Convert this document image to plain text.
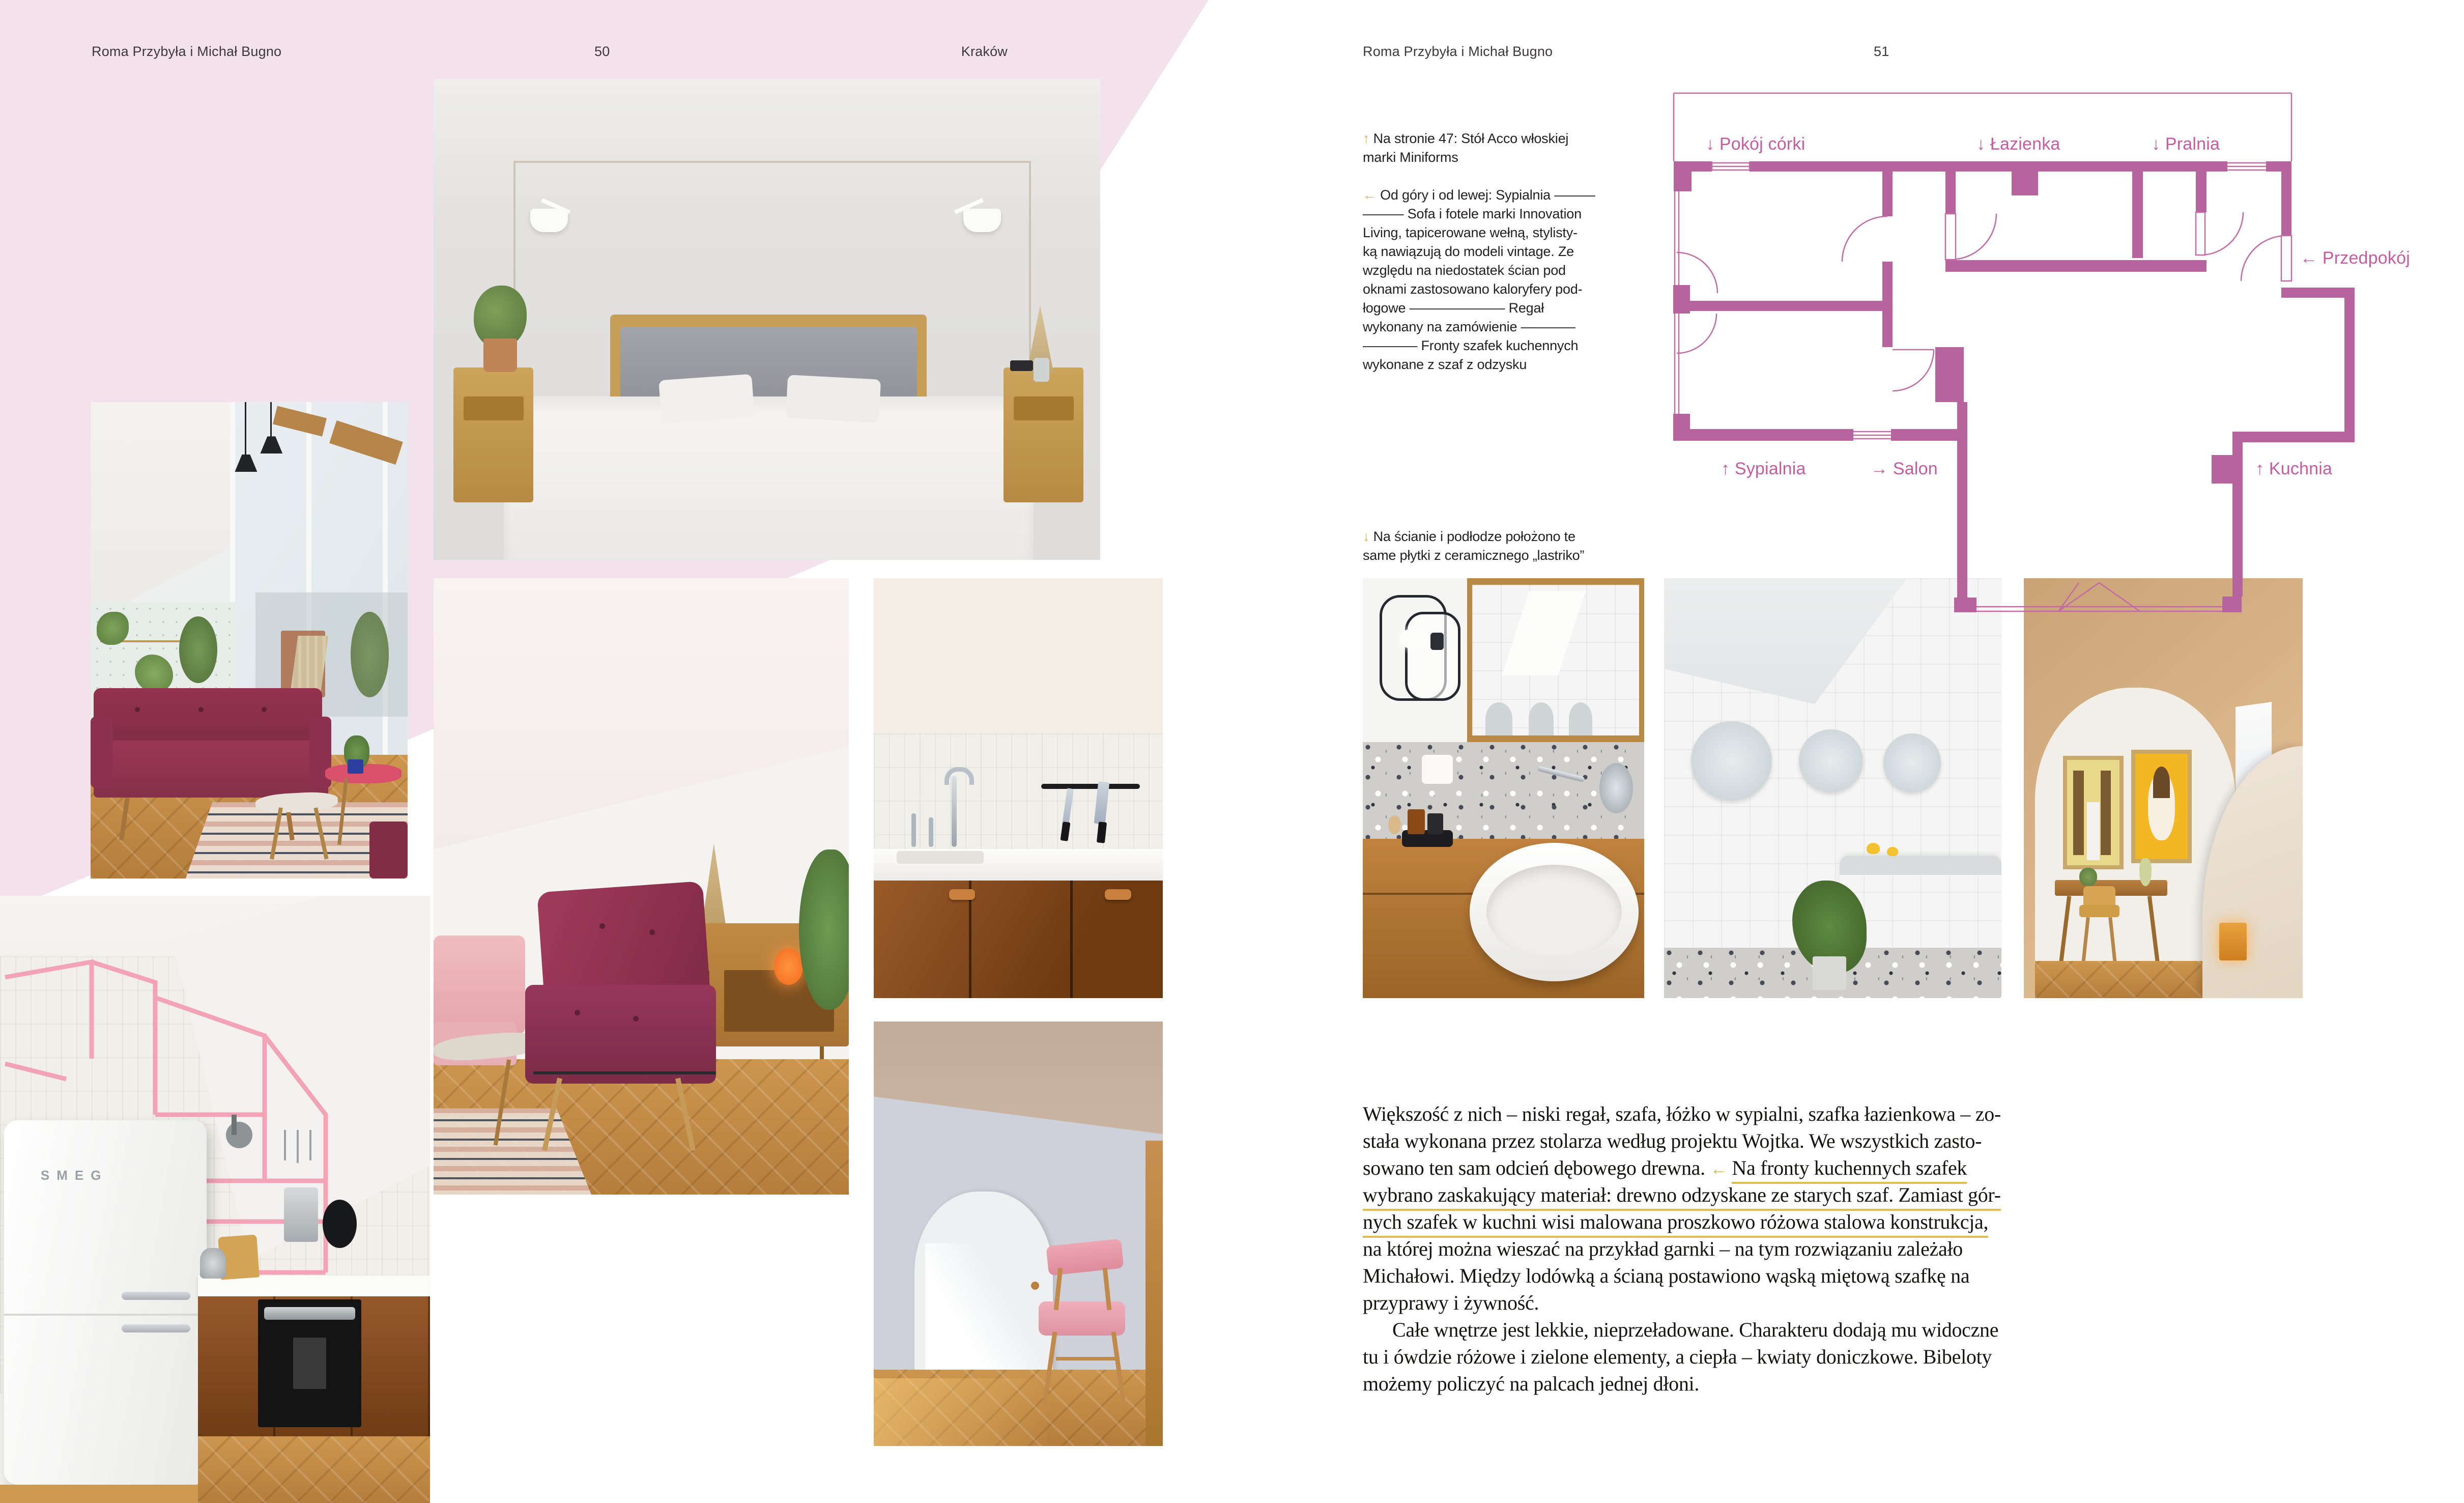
Roma Przybyła i Michał Bugno	50	Kraków	Roma Przybyła i Michał Bugno	51
SMEG
↑ Na stronie 47: Stół Acco włoskiej
marki Miniforms
← Od góry i od lewej: Sypialnia ———
——— Sofa i fotele marki Innovation
Living, tapicerowane wełną, stylisty-
ką nawiązują do modeli vintage. Ze
względu na niedostatek ścian pod
oknami zastosowano kaloryfery pod-
łogowe ——————— Regał
wykonany na zamówienie ————
———— Fronty szafek kuchennych
wykonane z szaf z odzysku
↓ Na ścianie i podłodze położono te
same płytki z ceramicznego „lastriko”
↓ Pokój córki	↓ Łazienka	↓ Pralnia
← Przedpokój
↑ Sypialnia	→ Salon	↑ Kuchnia
Większość z nich – niski regał, szafa, łóżko w sypialni, szafka łazienkowa – zo-
stała wykonana przez stolarza według projektu Wojtka. We wszystkich zasto-
sowano ten sam odcień dębowego drewna. ← Na fronty kuchennych szafek
wybrano zaskakujący materiał: drewno odzyskane ze starych szaf. Zamiast gór-
nych szafek w kuchni wisi malowana proszkowo różowa stalowa konstrukcja,
na której można wieszać na przykład garnki – na tym rozwiązaniu zależało
Michałowi. Między lodówką a ścianą postawiono wąską miętową szafkę na
przyprawy i żywność.
Całe wnętrze jest lekkie, nieprzeładowane. Charakteru dodają mu widoczne
tu i ówdzie różowe i zielone elementy, a ciepła – kwiaty doniczkowe. Bibeloty
możemy policzyć na palcach jednej dłoni.
